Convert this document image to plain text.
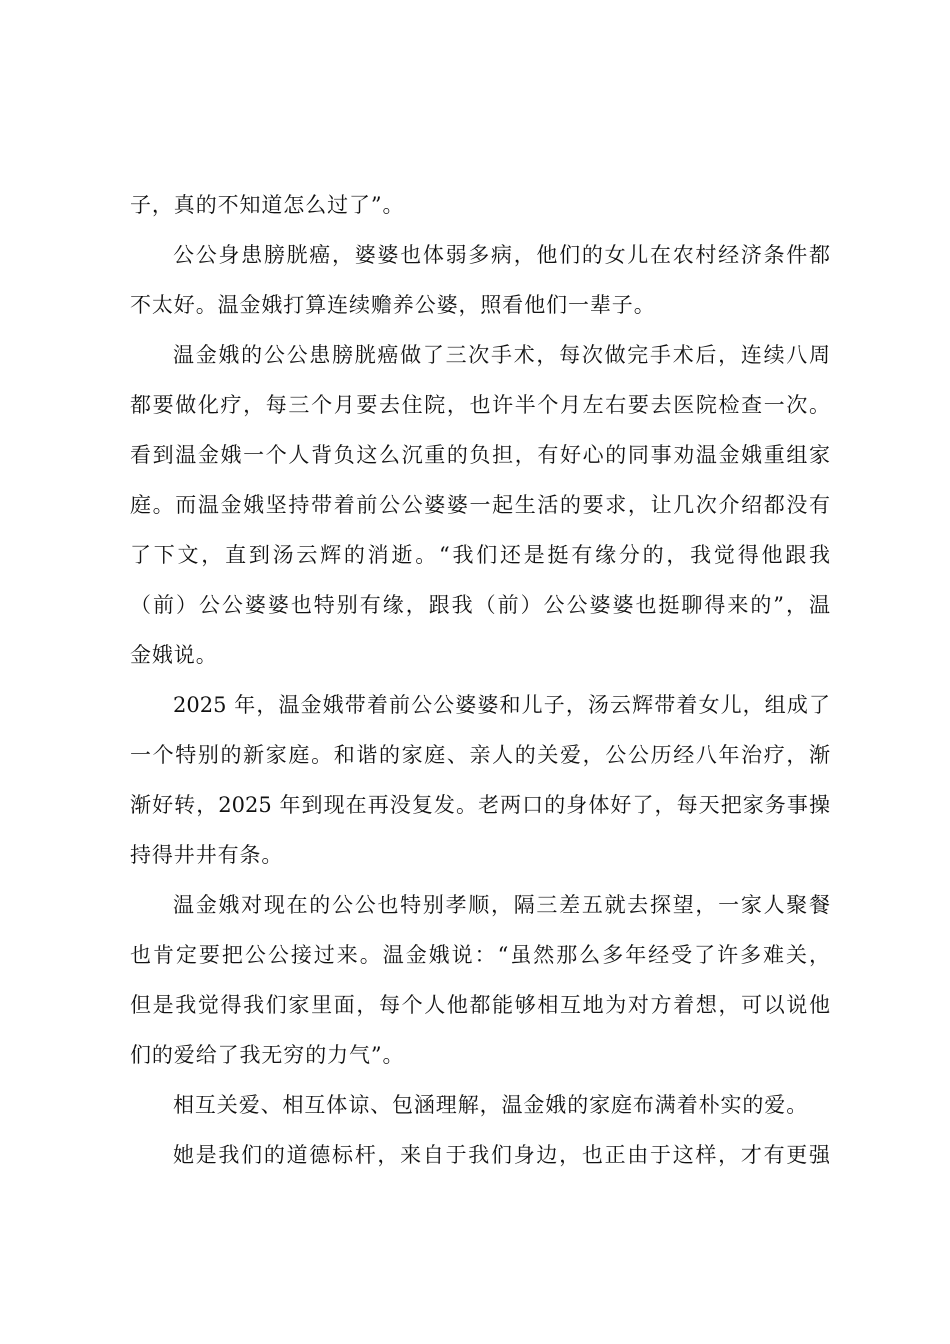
子，真的不知道怎么过了”。
公公身患膀胱癌，婆婆也体弱多病，他们的女儿在农村经济条件都
不太好。温金娥打算连续赡养公婆，照看他们一辈子。
温金娥的公公患膀胱癌做了三次手术，每次做完手术后，连续八周
都要做化疗，每三个月要去住院，也许半个月左右要去医院检查一次。
看到温金娥一个人背负这么沉重的负担，有好心的同事劝温金娥重组家
庭。而温金娥坚持带着前公公婆婆一起生活的要求，让几次介绍都没有
了下文，直到汤云辉的消逝。“我们还是挺有缘分的，我觉得他跟我
（前）公公婆婆也特别有缘，跟我（前）公公婆婆也挺聊得来的”，温
金娥说。
2025 年，温金娥带着前公公婆婆和儿子，汤云辉带着女儿，组成了
一个特别的新家庭。和谐的家庭、亲人的关爱，公公历经八年治疗，渐
渐好转，2025 年到现在再没复发。老两口的身体好了，每天把家务事操
持得井井有条。
温金娥对现在的公公也特别孝顺，隔三差五就去探望，一家人聚餐
也肯定要把公公接过来。温金娥说：“虽然那么多年经受了许多难关，
但是我觉得我们家里面，每个人他都能够相互地为对方着想，可以说他
们的爱给了我无穷的力气”。
相互关爱、相互体谅、包涵理解，温金娥的家庭布满着朴实的爱。
她是我们的道德标杆，来自于我们身边，也正由于这样，才有更强
